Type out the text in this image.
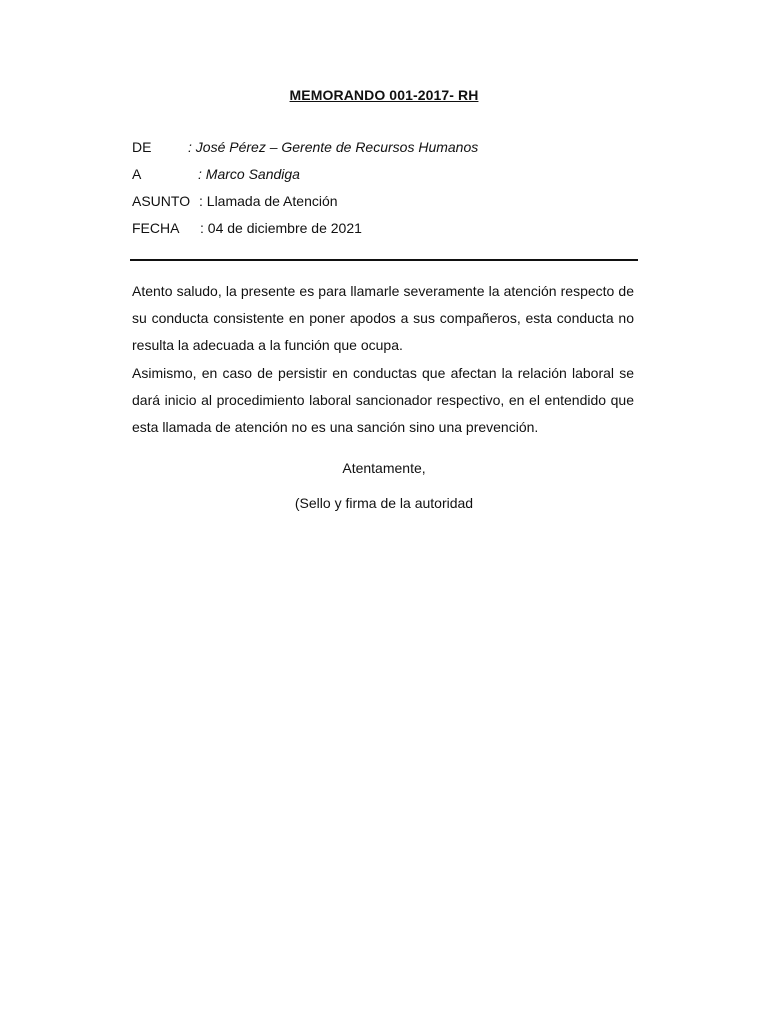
MEMORANDO 001-2017- RH
DE	: José Pérez – Gerente de Recursos Humanos
A	: Marco Sandiga
ASUNTO : Llamada de Atención
FECHA : 04 de diciembre de 2021

Atento saludo, la presente es para llamarle severamente la atención respecto de su conducta consistente en poner apodos a sus compañeros, esta conducta no resulta la adecuada a la función que ocupa.

Asimismo, en caso de persistir en conductas que afectan la relación laboral se dará inicio al procedimiento laboral sancionador respectivo, en el entendido que esta llamada de atención no es una sanción sino una prevención.

Atentamente,
(Sello y firma de la autoridad
